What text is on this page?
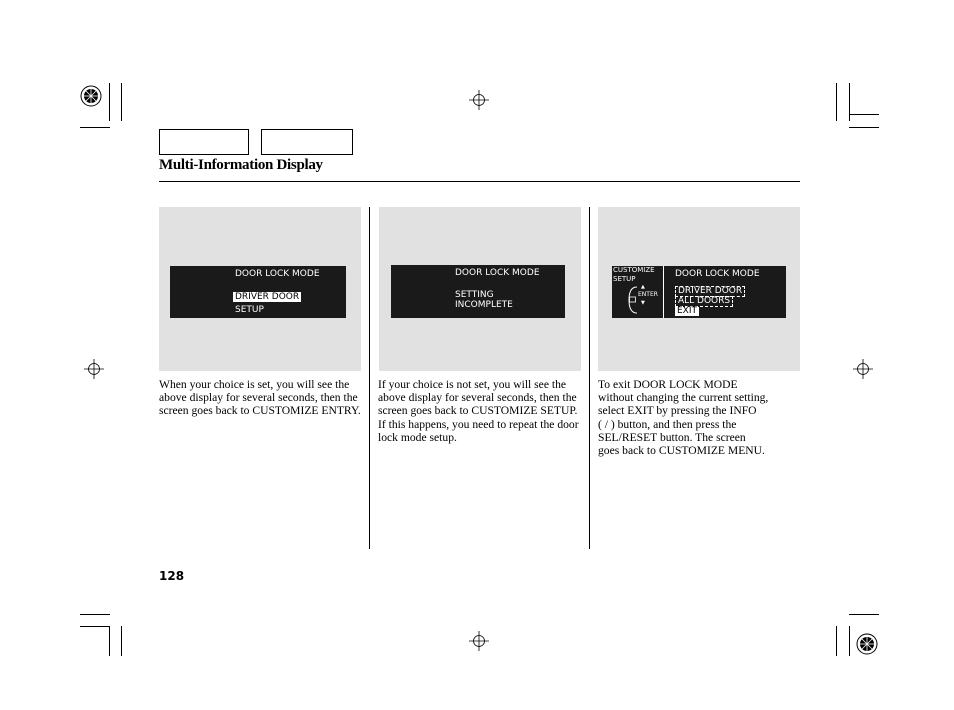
Multi-Information Display
DOOR LOCK MODE
DRIVER DOOR
SETUP

When your choice is set, you will see the above display for several seconds, then the screen goes back to CUSTOMIZE ENTRY.

DOOR LOCK MODE
SETTING
INCOMPLETE

If your choice is not set, you will see the above display for several seconds, then the screen goes back to CUSTOMIZE SETUP. If this happens, you need to repeat the door lock mode setup.

CUSTOMIZE
SETUP
▲
ENTER
▼
DOOR LOCK MODE
DRIVER DOOR
ALL DOORS
EXIT

To exit DOOR LOCK MODE

without changing the current setting,

select EXIT by pressing the INFO

( / ) button, and then press the

SEL/RESET button. The screen

goes back to CUSTOMIZE MENU.

128
